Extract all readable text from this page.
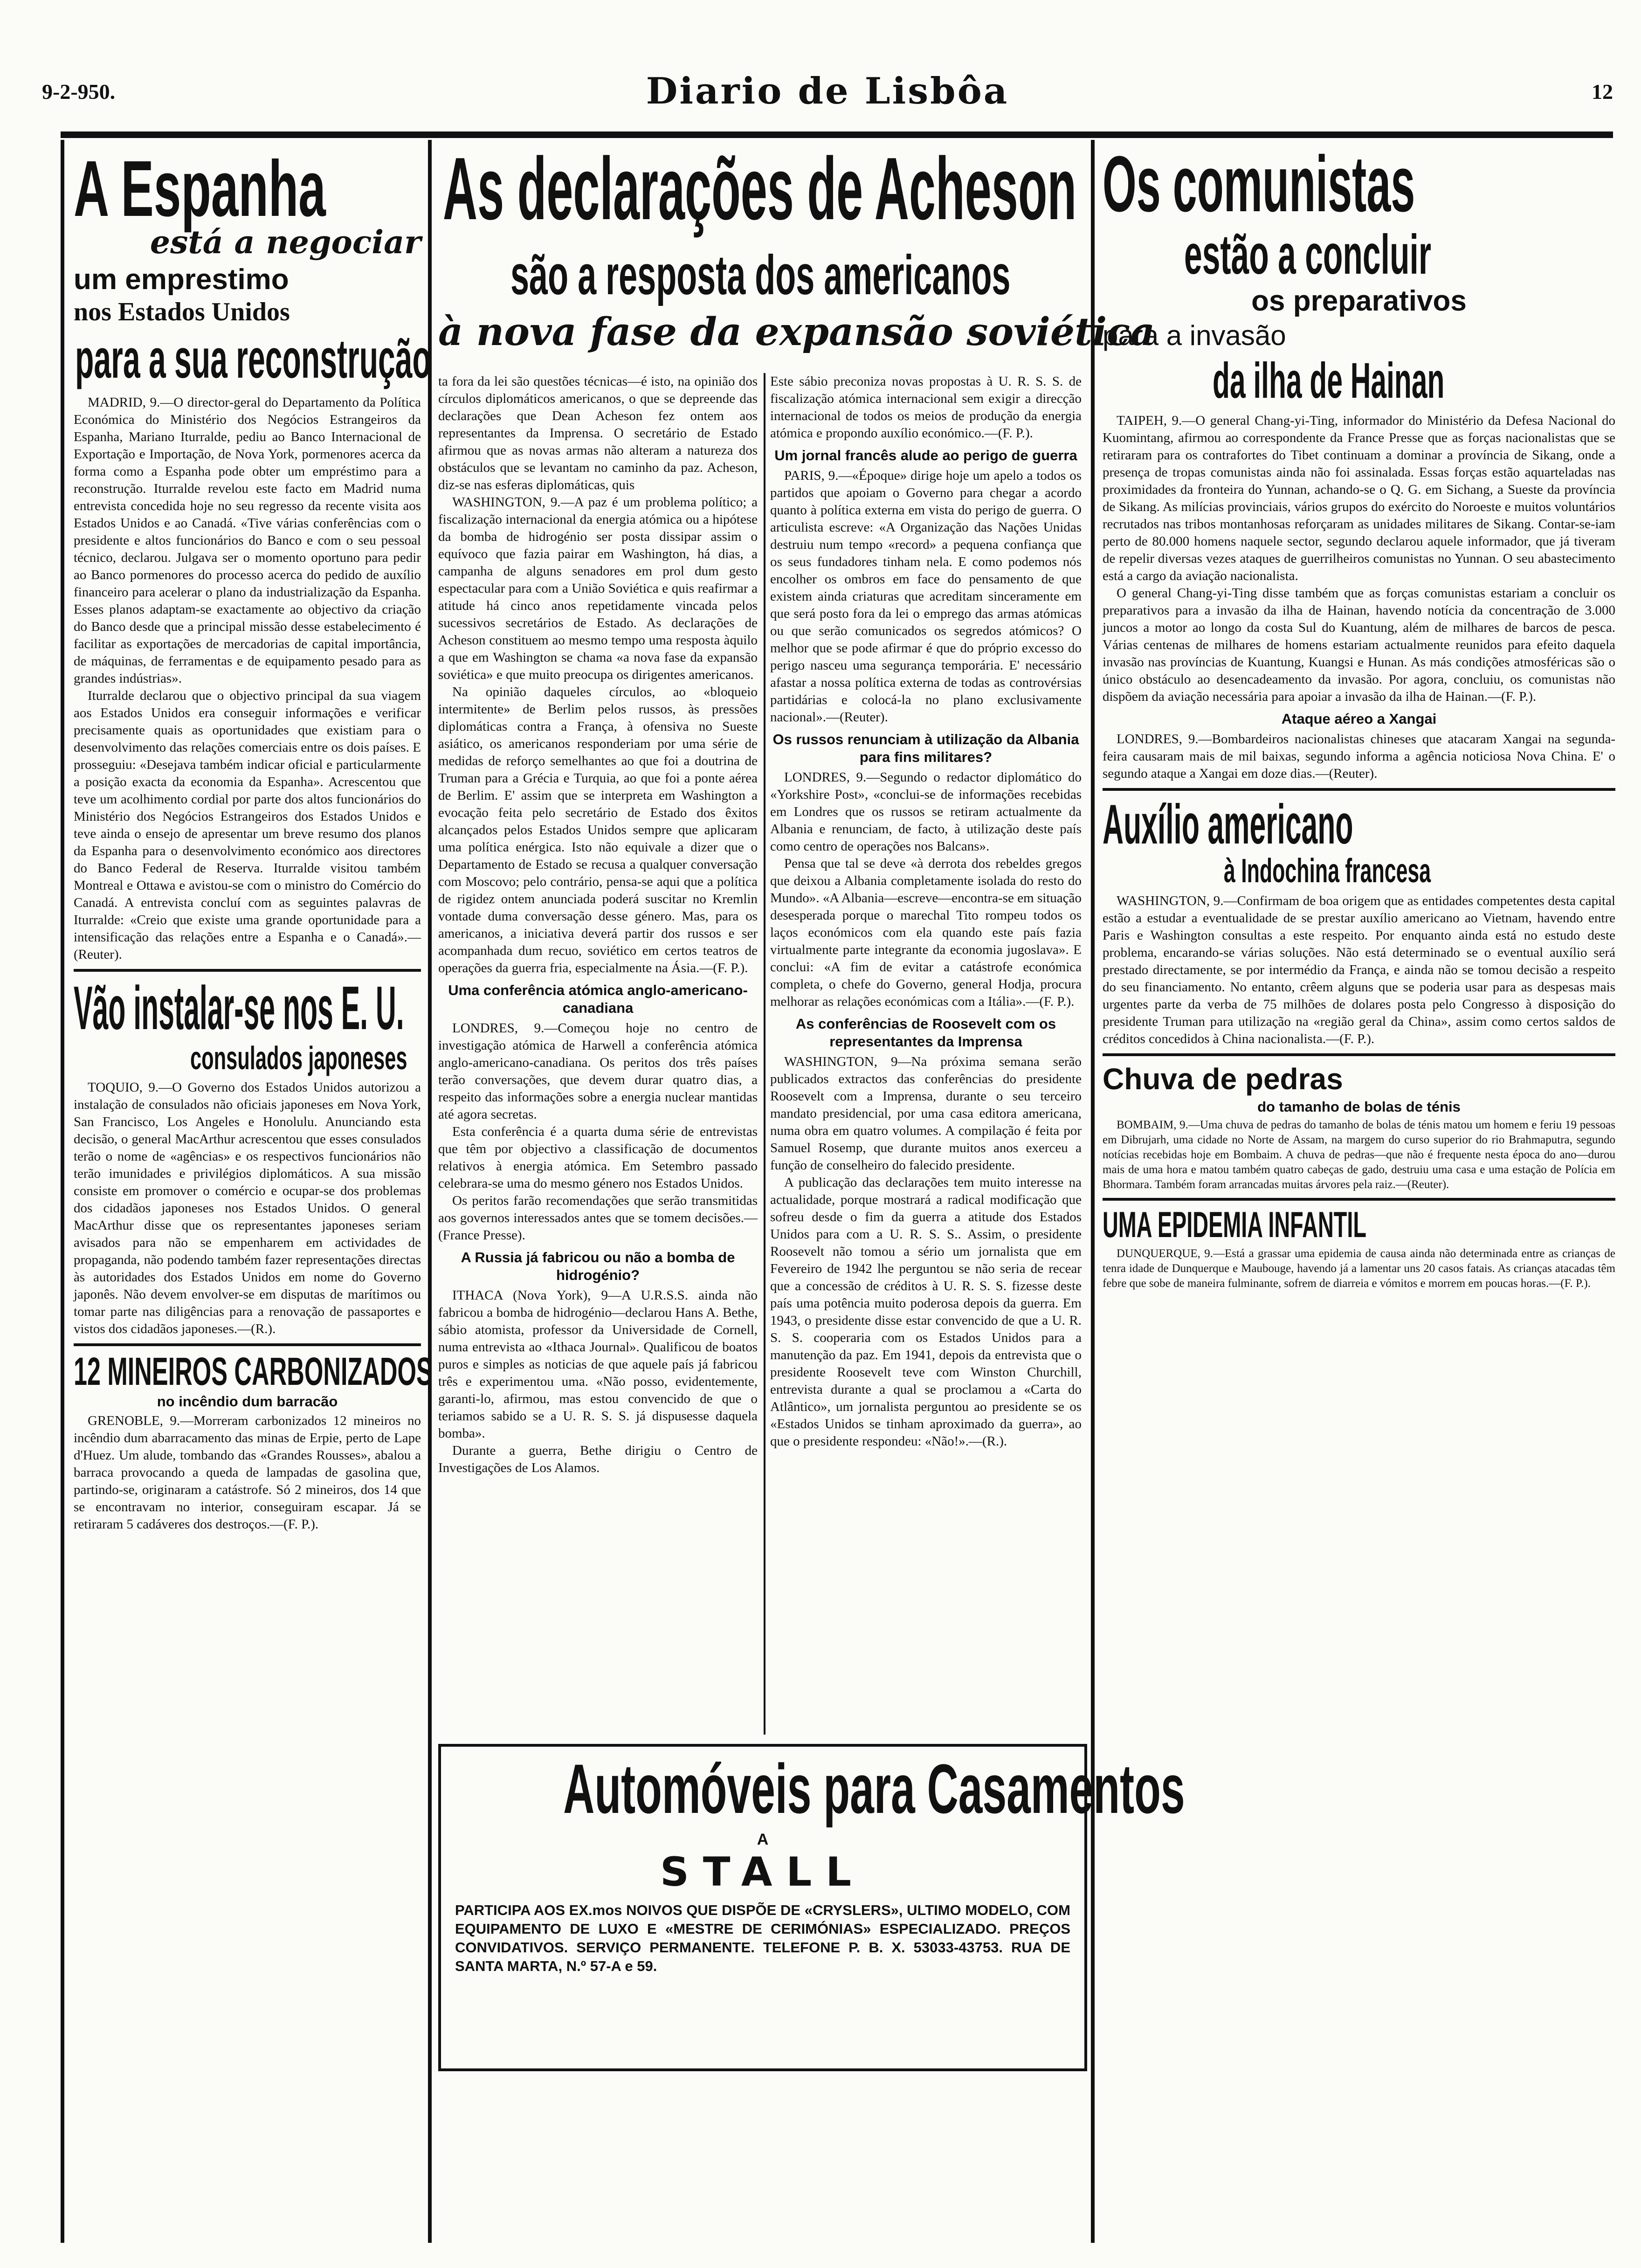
9-2-950.	Diario de Lisbôa	12
A Espanha
está a negociar
um emprestimo
nos Estados Unidos
para a sua reconstrução

MADRID, 9.—O director-geral do Departamento da Política Económica do Ministério dos Negócios Estrangeiros da Espanha, Mariano Iturralde, pediu ao Banco Internacional de Exportação e Importação, de Nova York, pormenores acerca da forma como a Espanha pode obter um empréstimo para a reconstrução. Iturralde revelou este facto em Madrid numa entrevista concedida hoje no seu regresso da recente visita aos Estados Unidos e ao Canadá. «Tive várias conferências com o presidente e altos funcionários do Banco e com o seu pessoal técnico, declarou. Julgava ser o momento oportuno para pedir ao Banco pormenores do processo acerca do pedido de auxílio financeiro para acelerar o plano da industrialização da Espanha. Esses planos adaptam-se exactamente ao objectivo da criação do Banco desde que a principal missão desse estabelecimento é facilitar as exportações de mercadorias de capital importância, de máquinas, de ferramentas e de equipamento pesado para as grandes indústrias».

Iturralde declarou que o objectivo principal da sua viagem aos Estados Unidos era conseguir informações e verificar precisamente quais as oportunidades que existiam para o desenvolvimento das relações comerciais entre os dois países. E prosseguiu: «Desejava também indicar oficial e particularmente a posição exacta da economia da Espanha». Acrescentou que teve um acolhimento cordial por parte dos altos funcionários do Ministério dos Negócios Estrangeiros dos Estados Unidos e teve ainda o ensejo de apresentar um breve resumo dos planos da Espanha para o desenvolvimento económico aos directores do Banco Federal de Reserva. Iturralde visitou também Montreal e Ottawa e avistou-se com o ministro do Comércio do Canadá. A entrevista concluí com as seguintes palavras de Iturralde: «Creio que existe uma grande oportunidade para a intensificação das relações entre a Espanha e o Canadá».—(Reuter).

Vão instalar-se nos E. U.
consulados japoneses

TOQUIO, 9.—O Governo dos Estados Unidos autorizou a instalação de consulados não oficiais japoneses em Nova York, San Francisco, Los Angeles e Honolulu. Anunciando esta decisão, o general MacArthur acrescentou que esses consulados terão o nome de «agências» e os respectivos funcionários não terão imunidades e privilégios diplomáticos. A sua missão consiste em promover o comércio e ocupar-se dos problemas dos cidadãos japoneses nos Estados Unidos. O general MacArthur disse que os representantes japoneses seriam avisados para não se empenharem em actividades de propaganda, não podendo também fazer representações directas às autoridades dos Estados Unidos em nome do Governo japonês. Não devem envolver-se em disputas de marítimos ou tomar parte nas diligências para a renovação de passaportes e vistos dos cidadãos japoneses.—(R.).

12 MINEIROS CARBONIZADOS
no incêndio dum barracão

GRENOBLE, 9.—Morreram carbonizados 12 mineiros no incêndio dum abarracamento das minas de Erpie, perto de Lape d'Huez. Um alude, tombando das «Grandes Rousses», abalou a barraca provocando a queda de lampadas de gasolina que, partindo-se, originaram a catástrofe. Só 2 mineiros, dos 14 que se encontravam no interior, conseguiram escapar. Já se retiraram 5 cadáveres dos destroços.—(F. P.).

As declarações de Acheson
são a resposta dos americanos
à nova fase da expansão soviética

ta fora da lei são questões técnicas—é isto, na opinião dos círculos diplomáticos americanos, o que se depreende das declarações que Dean Acheson fez ontem aos representantes da Imprensa. O secretário de Estado afirmou que as novas armas não alteram a natureza dos obstáculos que se levantam no caminho da paz. Acheson, diz-se nas esferas diplomáticas, quis

WASHINGTON, 9.—A paz é um problema político; a fiscalização internacional da energia atómica ou a hipótese da bomba de hidrogénio ser posta dissipar assim o equívoco que fazia pairar em Washington, há dias, a campanha de alguns senadores em prol dum gesto espectacular para com a União Soviética e quis reafirmar a atitude há cinco anos repetidamente vincada pelos sucessivos secretários de Estado. As declarações de Acheson constituem ao mesmo tempo uma resposta àquilo a que em Washington se chama «a nova fase da expansão soviética» e que muito preocupa os dirigentes americanos.

Na opinião daqueles círculos, ao «bloqueio intermitente» de Berlim pelos russos, às pressões diplomáticas contra a França, à ofensiva no Sueste asiático, os americanos responderiam por uma série de medidas de reforço semelhantes ao que foi a doutrina de Truman para a Grécia e Turquia, ao que foi a ponte aérea de Berlim. E' assim que se interpreta em Washington a evocação feita pelo secretário de Estado dos êxitos alcançados pelos Estados Unidos sempre que aplicaram uma política enérgica. Isto não equivale a dizer que o Departamento de Estado se recusa a qualquer conversação com Moscovo; pelo contrário, pensa-se aqui que a política de rigidez ontem anunciada poderá suscitar no Kremlin vontade duma conversação desse género. Mas, para os americanos, a iniciativa deverá partir dos russos e ser acompanhada dum recuo, soviético em certos teatros de operações da guerra fria, especialmente na Ásia.—(F. P.).

Uma conferência atómica anglo-americano-canadiana

LONDRES, 9.—Começou hoje no centro de investigação atómica de Harwell a conferência atómica anglo-americano-canadiana. Os peritos dos três países terão conversações, que devem durar quatro dias, a respeito das informações sobre a energia nuclear mantidas até agora secretas.

Esta conferência é a quarta duma série de entrevistas que têm por objectivo a classificação de documentos relativos à energia atómica. Em Setembro passado celebrara-se uma do mesmo género nos Estados Unidos.

Os peritos farão recomendações que serão transmitidas aos governos interessados antes que se tomem decisões.—(France Presse).

A Russia já fabricou ou não a bomba de hidrogénio?

ITHACA (Nova York), 9—A U.R.S.S. ainda não fabricou a bomba de hidrogénio—declarou Hans A. Bethe, sábio atomista, professor da Universidade de Cornell, numa entrevista ao «Ithaca Journal». Qualificou de boatos puros e simples as noticias de que aquele país já fabricou três e experimentou uma. «Não posso, evidentemente, garanti-lo, afirmou, mas estou convencido de que o teriamos sabido se a U. R. S. S. já dispusesse daquela bomba».

Durante a guerra, Bethe dirigiu o Centro de Investigações de Los Alamos.

Este sábio preconiza novas propostas à U. R. S. S. de fiscalização atómica internacional sem exigir a direcção internacional de todos os meios de produção da energia atómica e propondo auxílio económico.—(F. P.).

Um jornal francês alude ao perigo de guerra

PARIS, 9.—«Époque» dirige hoje um apelo a todos os partidos que apoiam o Governo para chegar a acordo quanto à política externa em vista do perigo de guerra. O articulista escreve: «A Organização das Nações Unidas destruiu num tempo «record» a pequena confiança que os seus fundadores tinham nela. E como podemos nós encolher os ombros em face do pensamento de que existem ainda criaturas que acreditam sinceramente em que será posto fora da lei o emprego das armas atómicas ou que serão comunicados os segredos atómicos? O melhor que se pode afirmar é que do próprio excesso do perigo nasceu uma segurança temporária. E' necessário afastar a nossa política externa de todas as controvérsias partidárias e colocá-la no plano exclusivamente nacional».—(Reuter).

Os russos renunciam à utilização da Albania para fins militares?

LONDRES, 9.—Segundo o redactor diplomático do «Yorkshire Post», «conclui-se de informações recebidas em Londres que os russos se retiram actualmente da Albania e renunciam, de facto, à utilização deste país como centro de operações nos Balcans».

Pensa que tal se deve «à derrota dos rebeldes gregos que deixou a Albania completamente isolada do resto do Mundo». «A Albania—escreve—encontra-se em situação desesperada porque o marechal Tito rompeu todos os laços económicos com ela quando este país fazia virtualmente parte integrante da economia jugoslava». E conclui: «A fim de evitar a catástrofe económica completa, o chefe do Governo, general Hodja, procura melhorar as relações económicas com a Itália».—(F. P.).

As conferências de Roosevelt com os representantes da Imprensa

WASHINGTON, 9—Na próxima semana serão publicados extractos das conferências do presidente Roosevelt com a Imprensa, durante o seu terceiro mandato presidencial, por uma casa editora americana, numa obra em quatro volumes. A compilação é feita por Samuel Rosemp, que durante muitos anos exerceu a função de conselheiro do falecido presidente.

A publicação das declarações tem muito interesse na actualidade, porque mostrará a radical modificação que sofreu desde o fim da guerra a atitude dos Estados Unidos para com a U. R. S. S.. Assim, o presidente Roosevelt não tomou a sério um jornalista que em Fevereiro de 1942 lhe perguntou se não seria de recear que a concessão de créditos à U. R. S. S. fizesse deste país uma potência muito poderosa depois da guerra. Em 1943, o presidente disse estar convencido de que a U. R. S. S. cooperaria com os Estados Unidos para a manutenção da paz. Em 1941, depois da entrevista que o presidente Roosevelt teve com Winston Churchill, entrevista durante a qual se proclamou a «Carta do Atlântico», um jornalista perguntou ao presidente se os «Estados Unidos se tinham aproximado da guerra», ao que o presidente respondeu: «Não!».—(R.).

Automóveis para Casamentos
A
STALL
PARTICIPA AOS EX.mos NOIVOS QUE DISPÕE DE «CRYSLERS», ULTIMO MODELO, COM EQUIPAMENTO DE LUXO E «MESTRE DE CERIMÓNIAS» ESPECIALIZADO. PREÇOS CONVIDATIVOS. SERVIÇO PERMANENTE. TELEFONE P. B. X. 53033-43753. RUA DE SANTA MARTA, N.º 57-A e 59.
Os comunistas
estão a concluir
os preparativos
para a invasão
da ilha de Hainan

TAIPEH, 9.—O general Chang-yi-Ting, informador do Ministério da Defesa Nacional do Kuomintang, afirmou ao correspondente da France Presse que as forças nacionalistas que se retiraram para os contrafortes do Tibet continuam a dominar a província de Sikang, onde a presença de tropas comunistas ainda não foi assinalada. Essas forças estão aquarteladas nas proximidades da fronteira do Yunnan, achando-se o Q. G. em Sichang, a Sueste da província de Sikang. As milícias provinciais, vários grupos do exército do Noroeste e muitos voluntários recrutados nas tribos montanhosas reforçaram as unidades militares de Sikang. Contar-se-iam perto de 80.000 homens naquele sector, segundo declarou aquele informador, que já tiveram de repelir diversas vezes ataques de guerrilheiros comunistas no Yunnan. O seu abastecimento está a cargo da aviação nacionalista.

O general Chang-yi-Ting disse também que as forças comunistas estariam a concluir os preparativos para a invasão da ilha de Hainan, havendo notícia da concentração de 3.000 juncos a motor ao longo da costa Sul do Kuantung, além de milhares de barcos de pesca. Várias centenas de milhares de homens estariam actualmente reunidos para efeito daquela invasão nas províncias de Kuantung, Kuangsi e Hunan. As más condições atmosféricas são o único obstáculo ao desencadeamento da invasão. Por agora, concluiu, os comunistas não dispõem da aviação necessária para apoiar a invasão da ilha de Hainan.—(F. P.).

Ataque aéreo a Xangai

LONDRES, 9.—Bombardeiros nacionalistas chineses que atacaram Xangai na segunda-feira causaram mais de mil baixas, segundo informa a agência noticiosa Nova China. E' o segundo ataque a Xangai em doze dias.—(Reuter).

Auxílio americano
à Indochina francesa

WASHINGTON, 9.—Confirmam de boa origem que as entidades competentes desta capital estão a estudar a eventualidade de se prestar auxílio americano ao Vietnam, havendo entre Paris e Washington consultas a este respeito. Por enquanto ainda está no estudo deste problema, encarando-se várias soluções. Não está determinado se o eventual auxílio será prestado directamente, se por intermédio da França, e ainda não se tomou decisão a respeito do seu financiamento. No entanto, crêem alguns que se poderia usar para as despesas mais urgentes parte da verba de 75 milhões de dolares posta pelo Congresso à disposição do presidente Truman para utilização na «região geral da China», assim como certos saldos de créditos concedidos à China nacionalista.—(F. P.).

Chuva de pedras
do tamanho de bolas de ténis

BOMBAIM, 9.—Uma chuva de pedras do tamanho de bolas de ténis matou um homem e feriu 19 pessoas em Dibrujarh, uma cidade no Norte de Assam, na margem do curso superior do rio Brahmaputra, segundo notícias recebidas hoje em Bombaim. A chuva de pedras—que não é frequente nesta época do ano—durou mais de uma hora e matou também quatro cabeças de gado, destruiu uma casa e uma estação de Polícia em Bhormara. Também foram arrancadas muitas árvores pela raiz.—(Reuter).

UMA EPIDEMIA INFANTIL

DUNQUERQUE, 9.—Está a grassar uma epidemia de causa ainda não determinada entre as crianças de tenra idade de Dunquerque e Maubouge, havendo já a lamentar uns 20 casos fatais. As crianças atacadas têm febre que sobe de maneira fulminante, sofrem de diarreia e vómitos e morrem em poucas horas.—(F. P.).
